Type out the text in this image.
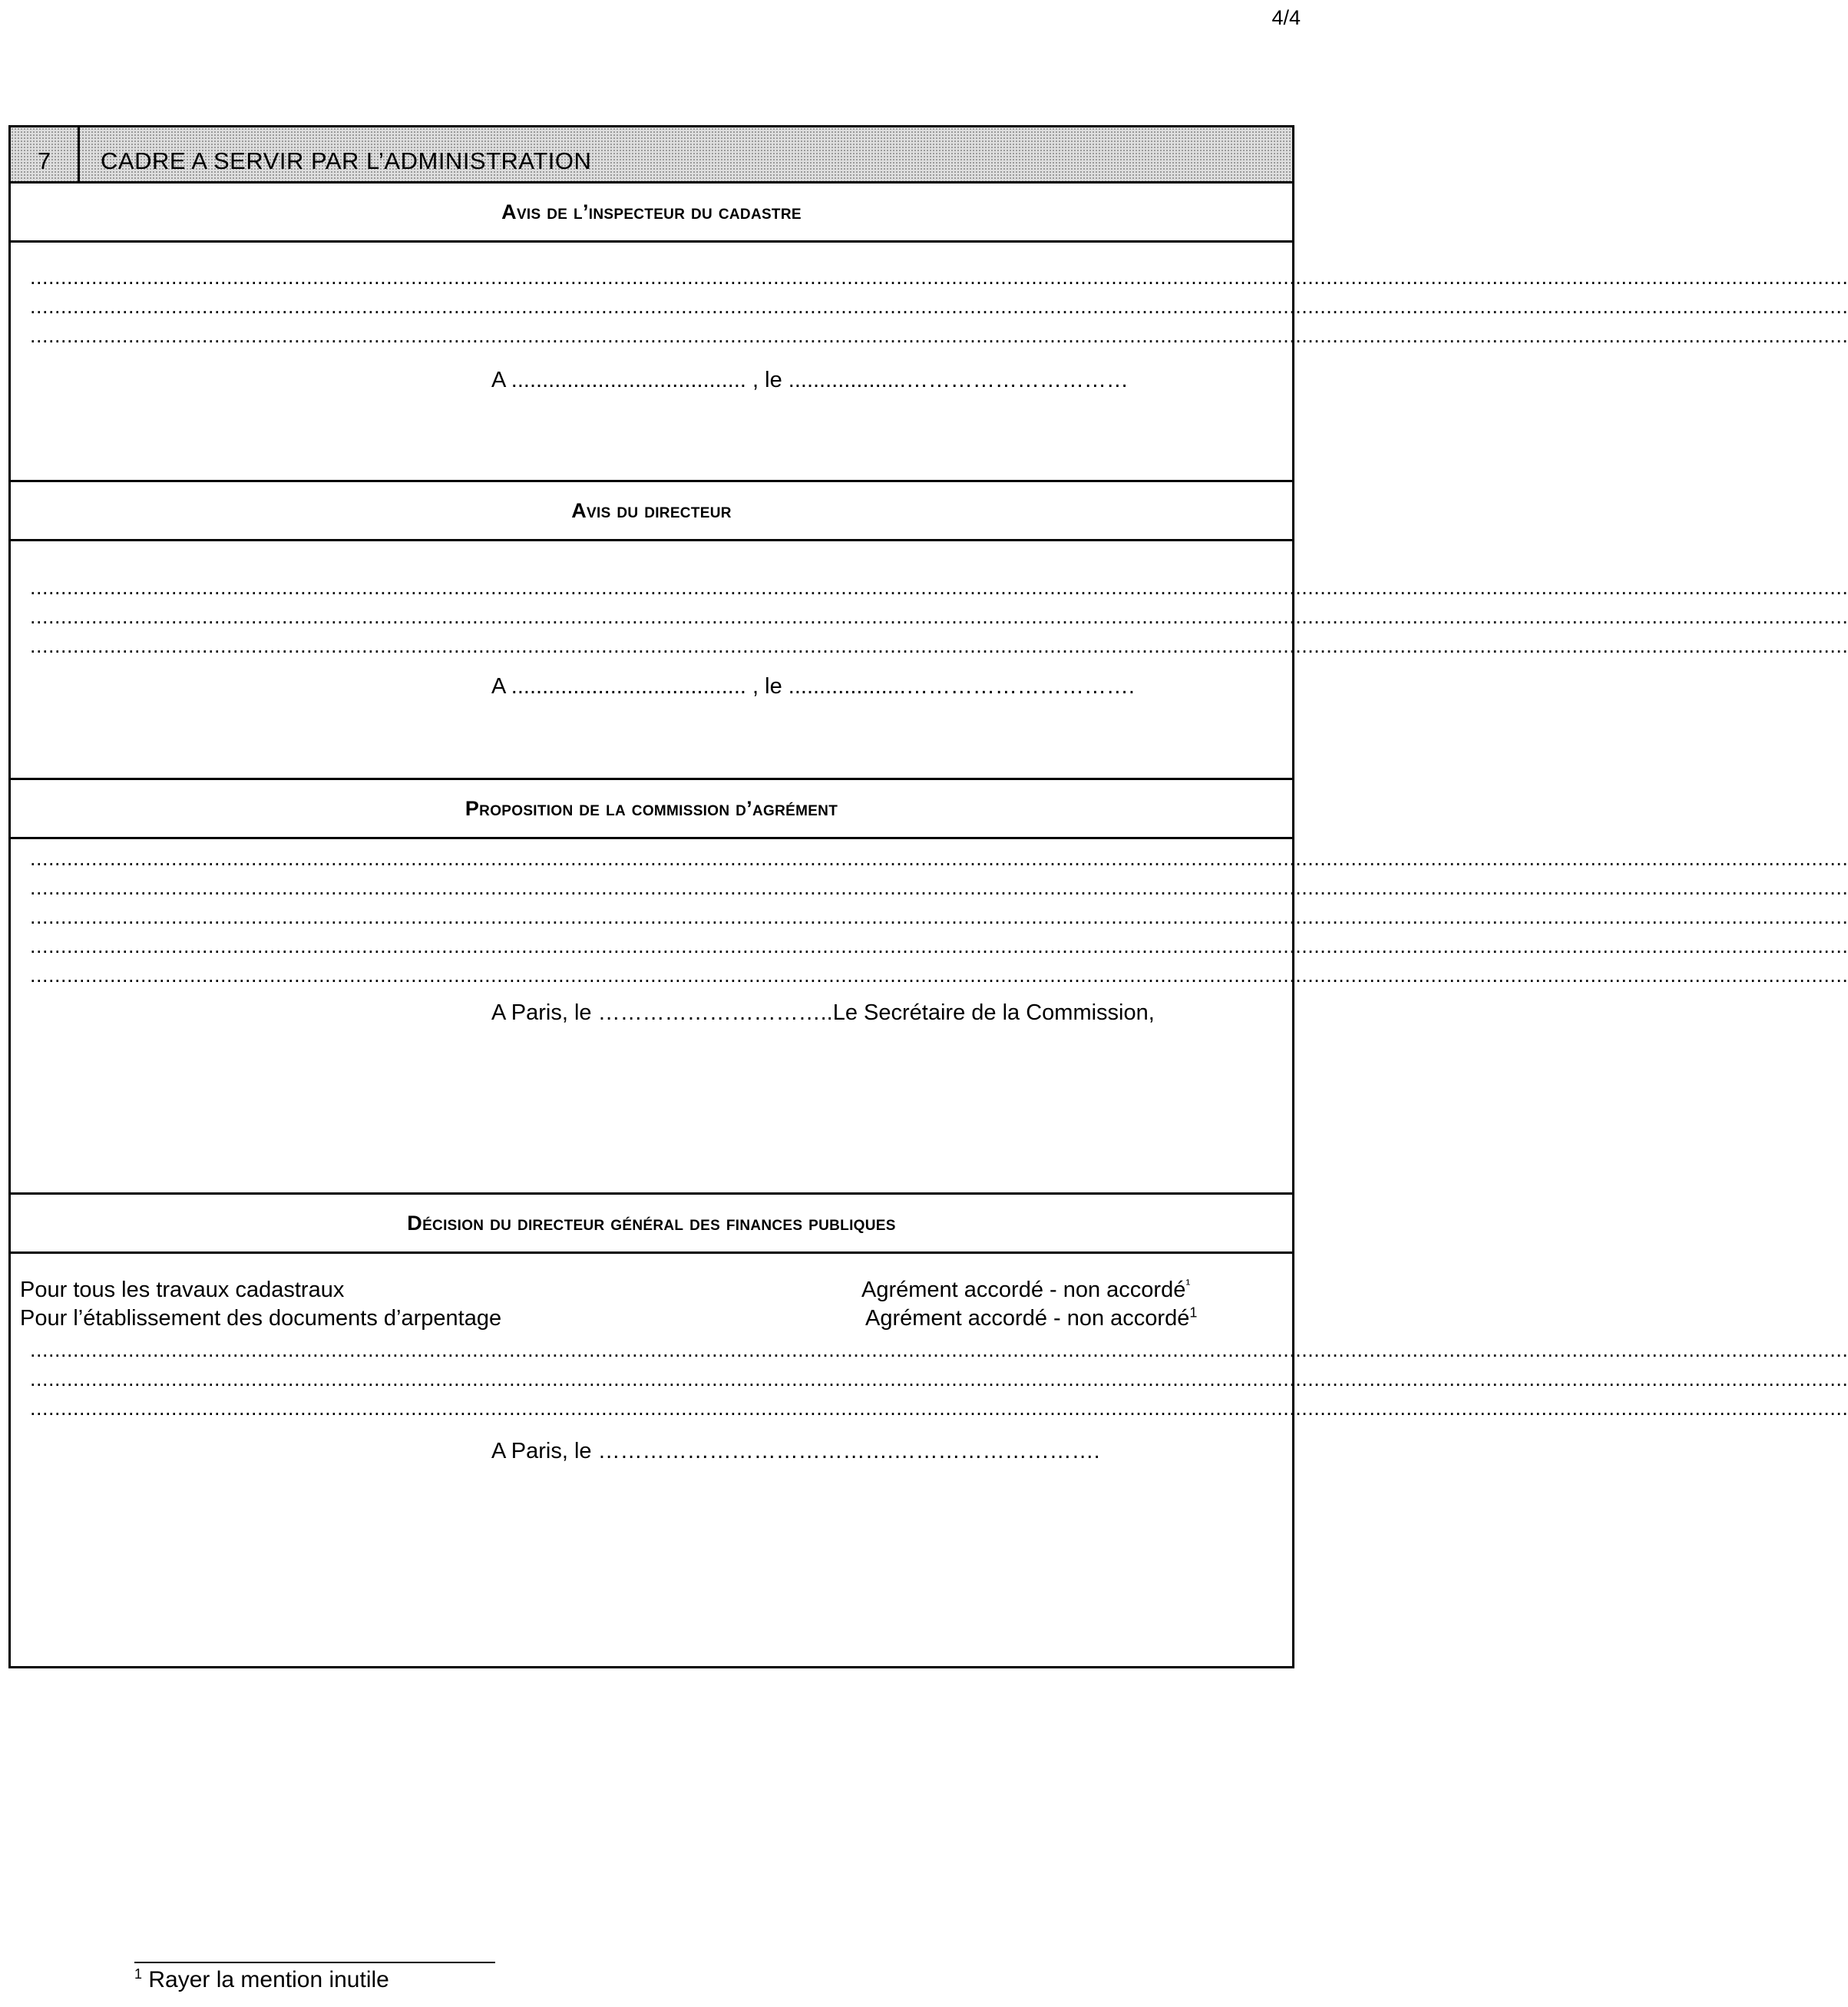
4/4
7	CADRE A SERVIR PAR L’ADMINISTRATION
Avis de l’inspecteur du cadastre
........................................................................................................................................................................................................................................................................................................
........................................................................................................................................................................................................................................................................................................
........................................................................................................................................................................................................................................................................................................
A ...................................... , le ...................…………………………
Avis du directeur
........................................................................................................................................................................................................................................................................................................
........................................................................................................................................................................................................................................................................................................
........................................................................................................................................................................................................................................................................................................
A ...................................... , le ...................………………………….
Proposition de la commission d’agrément
........................................................................................................................................................................................................................................................................................................
........................................................................................................................................................................................................................................................................................................
........................................................................................................................................................................................................................................................................................................
........................................................................................................................................................................................................................................................................................................
........................................................................................................................................................................................................................................................................................................
A Paris, le …………………………..Le Secrétaire de la Commission,
Décision du directeur général des finances publiques
Pour tous les travaux cadastraux	Agrément accordé - non accordé$^{^1}$
Pour l’établissement des documents d’arpentage	Agrément accordé - non accordé$^1$
........................................................................................................................................................................................................................................................................................................
........................................................................................................................................................................................................................................................................................................
........................................................................................................................................................................................................................................................................................................
A Paris, le ………………………………….……………………….
$^1$ Rayer la mention inutile
